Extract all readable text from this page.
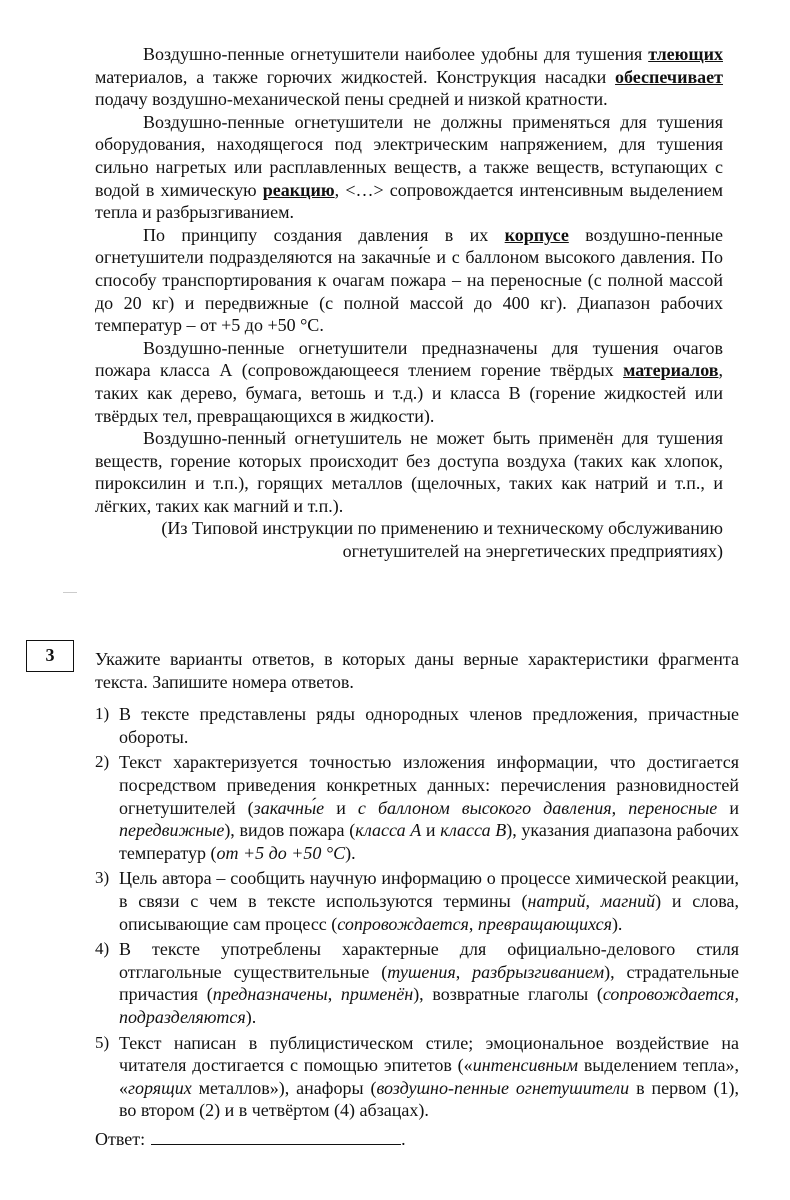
Воздушно-пенные огнетушители наиболее удобны для тушения тлеющих материалов, а также горючих жидкостей. Конструкция насадки обеспечивает подачу воздушно-механической пены средней и низкой кратности.

Воздушно-пенные огнетушители не должны применяться для тушения оборудования, находящегося под электрическим напряжением, для тушения сильно нагретых или расплавленных веществ, а также веществ, вступающих с водой в химическую реакцию, <…> сопровождается интенсивным выделением тепла и разбрызгиванием.

По принципу создания давления в их корпусе воздушно-пенные огнетушители подразделяются на закачны́е и с баллоном высокого давления. По способу транспортирования к очагам пожара – на переносные (с полной массой до 20 кг) и передвижные (с полной массой до 400 кг). Диапазон рабочих температур – от +5 до +50 °С.

Воздушно-пенные огнетушители предназначены для тушения очагов пожара класса А (сопровождающееся тлением горение твёрдых материалов, таких как дерево, бумага, ветошь и т.д.) и класса В (горение жидкостей или твёрдых тел, превращающихся в жидкости).

Воздушно-пенный огнетушитель не может быть применён для тушения веществ, горение которых происходит без доступа воздуха (таких как хлопок, пироксилин и т.п.), горящих металлов (щелочных, таких как натрий и т.п., и лёгких, таких как магний и т.п.).

(Из Типовой инструкции по применению и техническому обслуживанию
огнетушителей на энергетических предприятиях)

3	Укажите варианты ответов, в которых даны верные характеристики фрагмента текста. Запишите номера ответов.

1) В тексте представлены ряды однородных членов предложения, причастные обороты.
2) Текст характеризуется точностью изложения информации, что достигается посредством приведения конкретных данных: перечисления разновидностей огнетушителей (закачны́е и с баллоном высокого давления, переносные и передвижные), видов пожара (класса А и класса В), указания диапазона рабочих температур (от +5 до +50 °С).
3) Цель автора – сообщить научную информацию о процессе химической реакции, в связи с чем в тексте используются термины (натрий, магний) и слова, описывающие сам процесс (сопровождается, превращающихся).
4) В тексте употреблены характерные для официально-делового стиля отглагольные существительные (тушения, разбрызгиванием), страдательные причастия (предназначены, применён), возвратные глаголы (сопровождается, подразделяются).
5) Текст написан в публицистическом стиле; эмоциональное воздействие на читателя достигается с помощью эпитетов («интенсивным выделением тепла», «горящих металлов»), анафоры (воздушно-пенные огнетушители в первом (1), во втором (2) и в четвёртом (4) абзацах).
Ответ:	.
